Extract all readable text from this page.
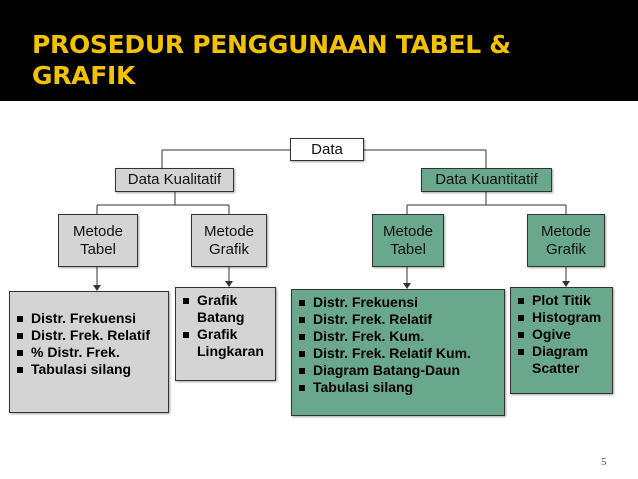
PROSEDUR PENGGUNAAN TABEL & GRAFIK
Data
Data Kualitatif	Data Kuantitatif
Metode Tabel
Metode Grafik
Metode Tabel
Metode Grafik
Distr. Frekuensi
Distr. Frek. Relatif
% Distr. Frek.
Tabulasi silang
Grafik Batang
Grafik Lingkaran
Distr. Frekuensi
Distr. Frek. Relatif
Distr. Frek. Kum.
Distr. Frek. Relatif Kum.
Diagram Batang-Daun
Tabulasi silang
Plot Titik
Histogram
Ogive
Diagram Scatter
5
